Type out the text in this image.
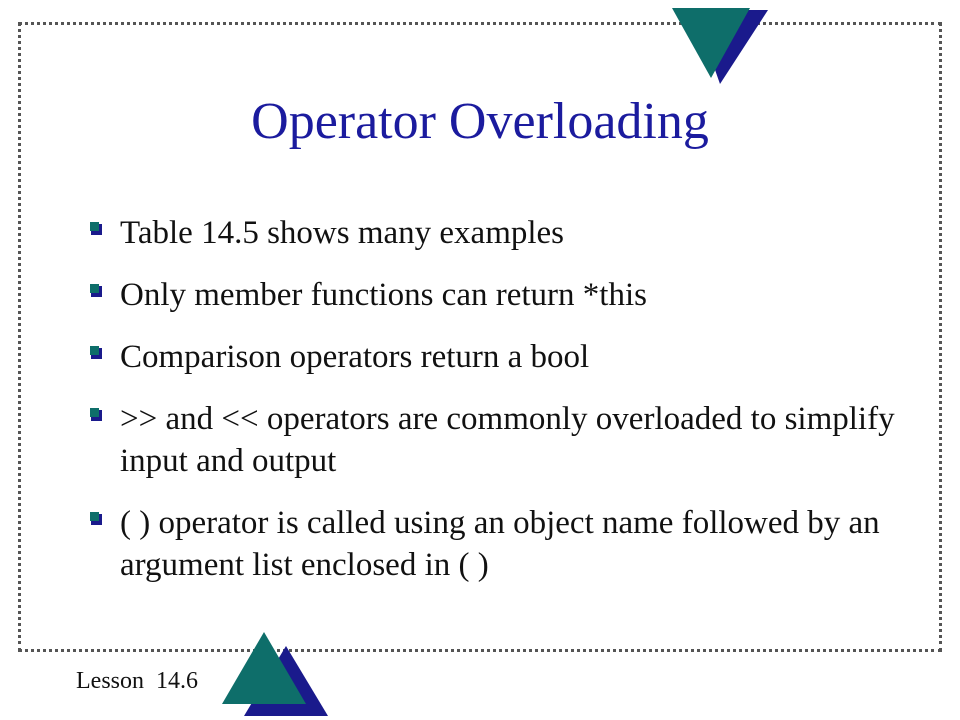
Operator Overloading
Table 14.5 shows many examples
Only member functions can return *this
Comparison operators return a bool
>> and << operators are commonly overloaded to simplify input and output
( ) operator is called using an object name followed by an argument list enclosed in ( )
Lesson  14.6
